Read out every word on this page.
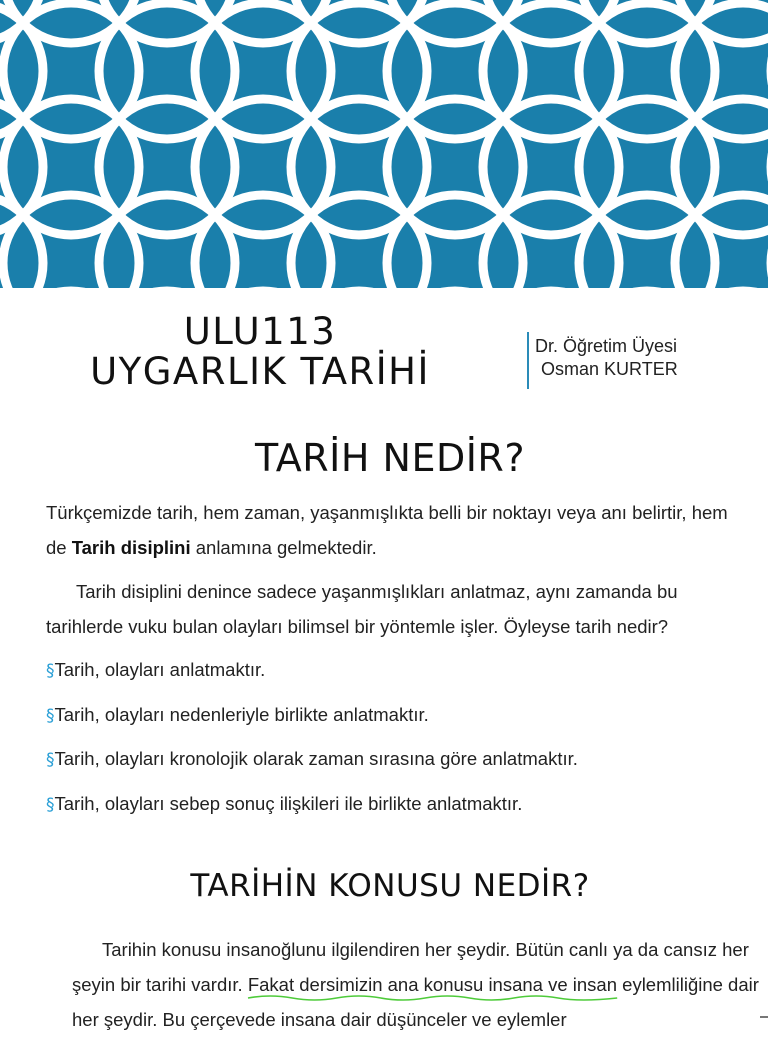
ULU113
UYGARLIK TARİHİ
Dr. Öğretim Üyesi
Osman KURTER
TARİH NEDİR?

Türkçemizde tarih, hem zaman, yaşanmışlıkta belli bir noktayı veya anı belirtir, hem de Tarih disiplini anlamına gelmektedir.

Tarih disiplini denince sadece yaşanmışlıkları anlatmaz, aynı zamanda bu tarihlerde vuku bulan olayları bilimsel bir yöntemle işler. Öyleyse tarih nedir?

§Tarih, olayları anlatmaktır.
§Tarih, olayları nedenleriyle birlikte anlatmaktır.
§Tarih, olayları kronolojik olarak zaman sırasına göre anlatmaktır.
§Tarih, olayları sebep sonuç ilişkileri ile birlikte anlatmaktır.
TARİHİN KONUSU NEDİR?

Tarihin konusu insanoğlunu ilgilendiren her şeydir. Bütün canlı ya da cansız her şeyin bir tarihi vardır. Fakat dersimizin ana konusu insana ve insan
eylemliliğine dair her şeydir. Bu çerçevede insana dair düşünceler ve eylemler
